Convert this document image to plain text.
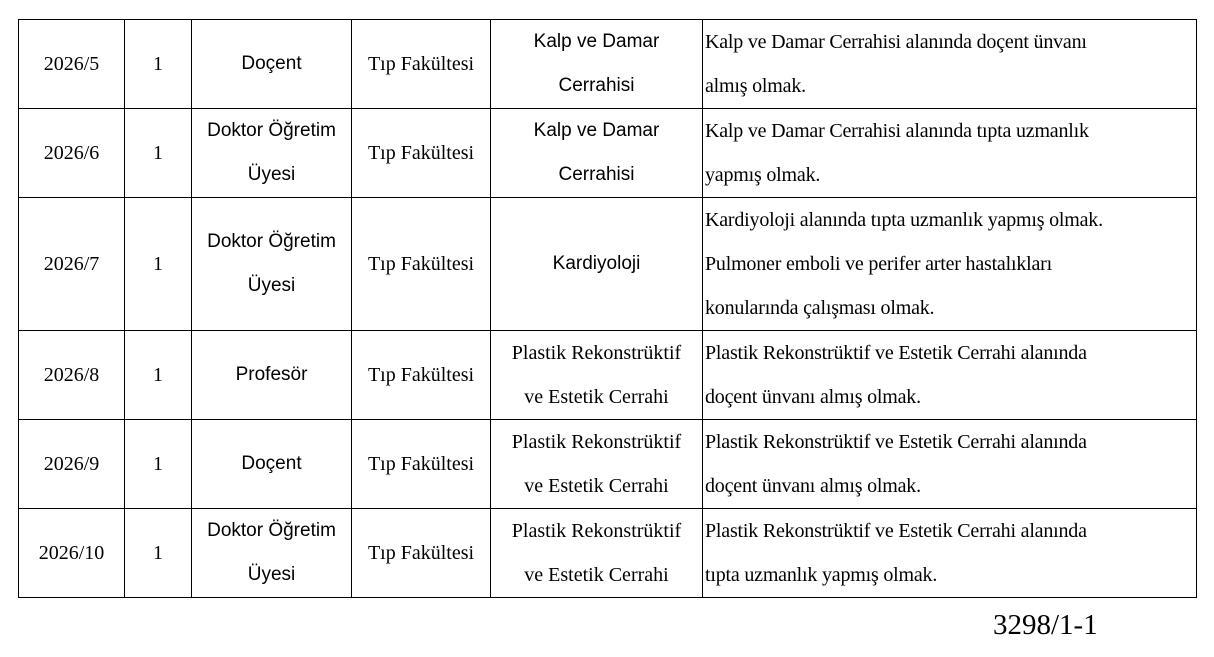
2026/5	1	Doçent	Tıp Fakültesi	Kalp ve Damar
Cerrahisi	Kalp ve Damar Cerrahisi alanında doçent ünvanı
almış olmak.

2026/6	1	Doktor Öğretim
Üyesi	Tıp Fakültesi	Kalp ve Damar
Cerrahisi	Kalp ve Damar Cerrahisi alanında tıpta uzmanlık
yapmış olmak.

2026/7	1	Doktor Öğretim
Üyesi	Tıp Fakültesi	Kardiyoloji	Kardiyoloji alanında tıpta uzmanlık yapmış olmak.
Pulmoner emboli ve perifer arter hastalıkları
konularında çalışması olmak.

2026/8	1	Profesör	Tıp Fakültesi	Plastik Rekonstrüktif
ve Estetik Cerrahi	Plastik Rekonstrüktif ve Estetik Cerrahi alanında
doçent ünvanı almış olmak.

2026/9	1	Doçent	Tıp Fakültesi	Plastik Rekonstrüktif
ve Estetik Cerrahi	Plastik Rekonstrüktif ve Estetik Cerrahi alanında
doçent ünvanı almış olmak.

2026/10	1	Doktor Öğretim
Üyesi	Tıp Fakültesi	Plastik Rekonstrüktif
ve Estetik Cerrahi	Plastik Rekonstrüktif ve Estetik Cerrahi alanında
tıpta uzmanlık yapmış olmak.
3298/1-1
